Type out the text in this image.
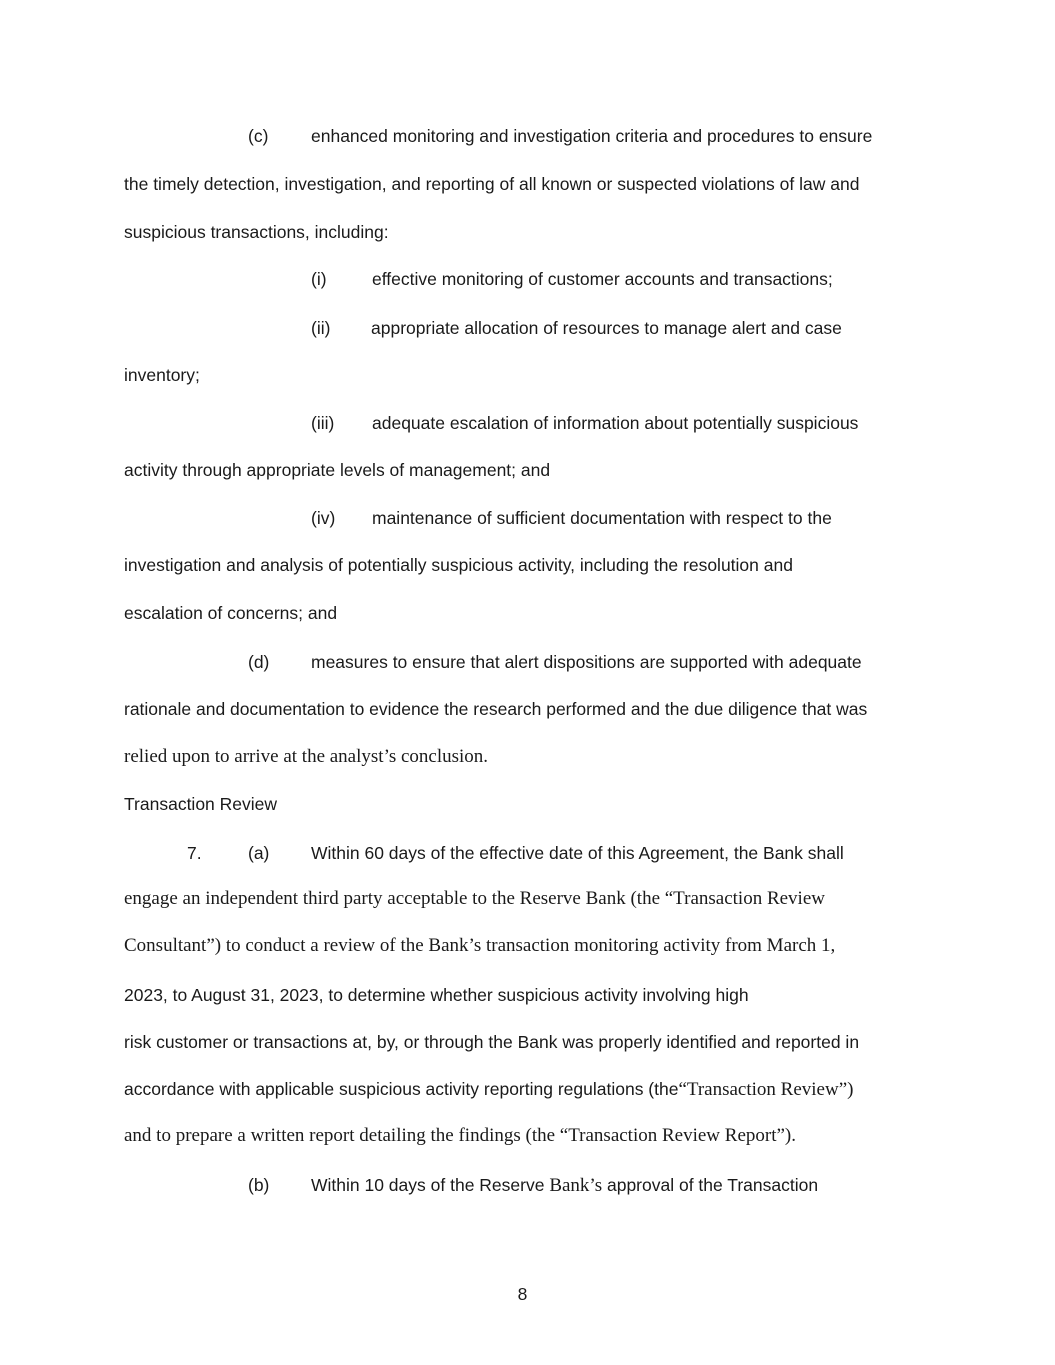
(c) enhanced monitoring and investigation criteria and procedures to ensure
the timely detection, investigation, and reporting of all known or suspected violations of law and
suspicious transactions, including:
(i)	effective monitoring of customer accounts and transactions;
(ii) appropriate allocation of resources to manage alert and case
inventory;
(iii) adequate escalation of information about potentially suspicious
activity through appropriate levels of management; and
(iv) maintenance of sufficient documentation with respect to the
investigation and analysis of potentially suspicious activity, including the resolution and
escalation of concerns; and
(d) measures to ensure that alert dispositions are supported with adequate
rationale and documentation to evidence the research performed and the due diligence that was
relied upon to arrive at the analyst’s conclusion.
Transaction Review
7.	(a) Within 60 days of the effective date of this Agreement, the Bank shall
engage an independent third party acceptable to the Reserve Bank (the “Transaction Review
Consultant”) to conduct a review of the Bank’s transaction monitoring activity from March 1,
2023, to August 31, 2023, to determine whether suspicious activity involving high
risk customer or transactions at, by, or through the Bank was properly identified and reported in
accordance with applicable suspicious activity reporting regulations (the“Transaction Review”)
and to prepare a written report detailing the findings (the “Transaction Review Report”).
(b) Within 10 days of the Reserve Bank’s approval of the Transaction
8
